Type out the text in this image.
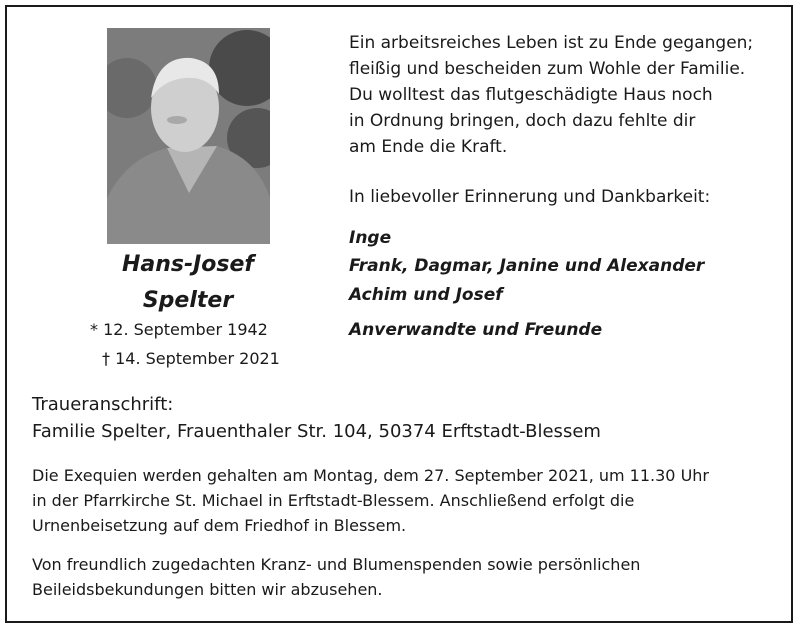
Hans-Josef
Spelter
* 12. September 1942
† 14. September 2021
Ein arbeitsreiches Leben ist zu Ende gegangen;
fleißig und bescheiden zum Wohle der Familie.
Du wolltest das flutgeschädigte Haus noch
in Ordnung bringen, doch dazu fehlte dir
am Ende die Kraft.
In liebevoller Erinnerung und Dankbarkeit:
Inge
Frank, Dagmar, Janine und Alexander
Achim und Josef
Anverwandte und Freunde
Traueranschrift:
Familie Spelter, Frauenthaler Str. 104, 50374 Erftstadt-Blessem
Die Exequien werden gehalten am Montag, dem 27. September 2021, um 11.30 Uhr
in der Pfarrkirche St. Michael in Erftstadt-Blessem. Anschließend erfolgt die
Urnenbeisetzung auf dem Friedhof in Blessem.
Von freundlich zugedachten Kranz- und Blumenspenden sowie persönlichen
Beileidsbekundungen bitten wir abzusehen.
